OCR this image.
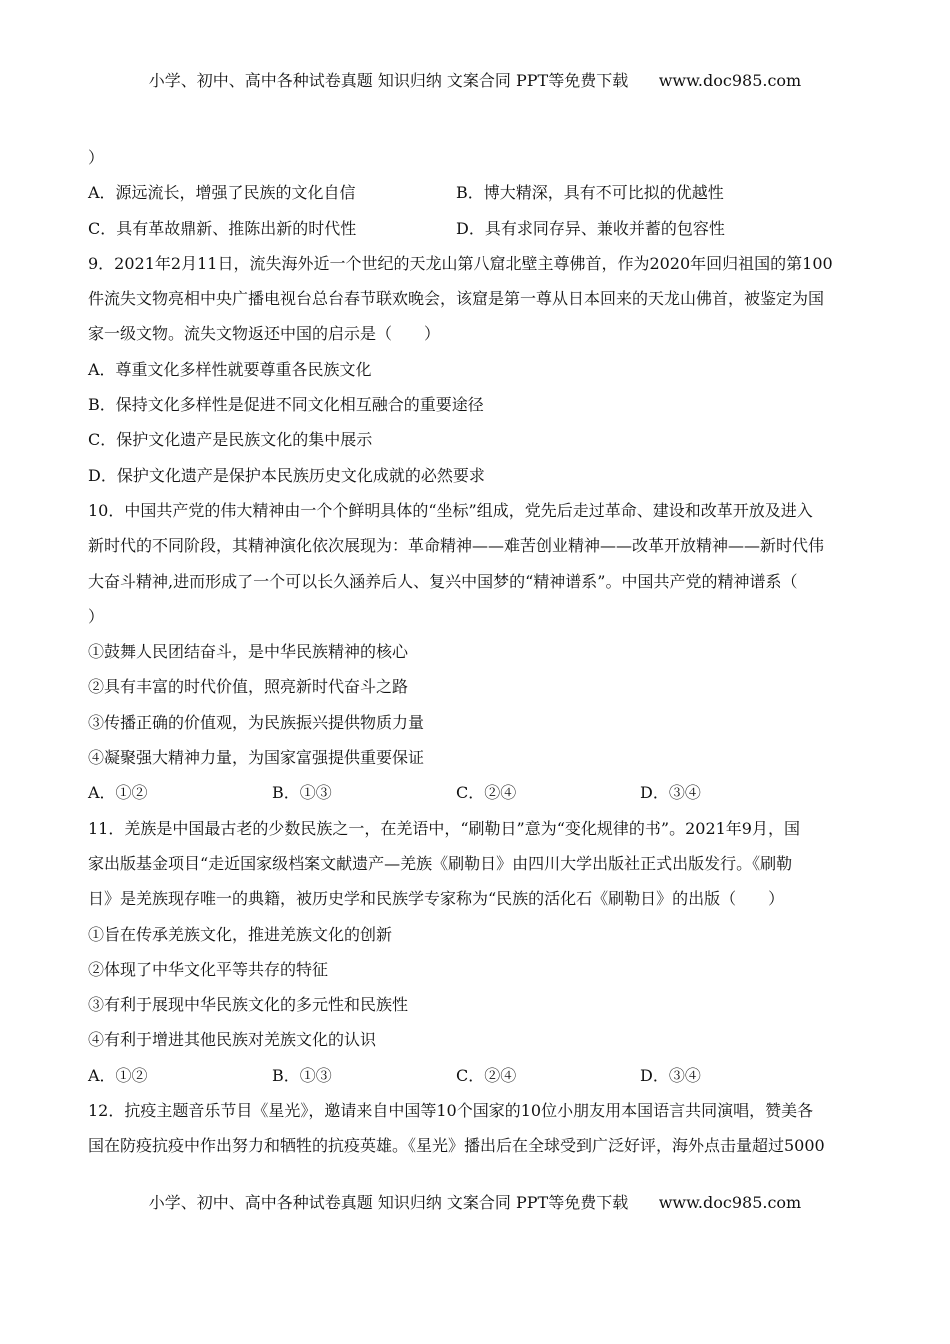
小学、初中、高中各种试卷真题 知识归纳 文案合同 PPT等免费下载      www.doc985.com
）
A．源远流长，增强了民族的文化自信	B．博大精深，具有不可比拟的优越性
C．具有革故鼎新、推陈出新的时代性	D．具有求同存异、兼收并蓄的包容性
9．2021年2月11日，流失海外近一个世纪的天龙山第八窟北壁主尊佛首，作为2020年回归祖国的第100
件流失文物亮相中央广播电视台总台春节联欢晚会，该窟是第一尊从日本回来的天龙山佛首，被鉴定为国
家一级文物。流失文物返还中国的启示是（　　）
A．尊重文化多样性就要尊重各民族文化
B．保持文化多样性是促进不同文化相互融合的重要途径
C．保护文化遗产是民族文化的集中展示
D．保护文化遗产是保护本民族历史文化成就的必然要求
10．中国共产党的伟大精神由一个个鲜明具体的“坐标”组成，党先后走过革命、建设和改革开放及进入
新时代的不同阶段，其精神演化依次展现为：革命精神——难苦创业精神——改革开放精神——新时代伟
大奋斗精神,进而形成了一个可以长久涵养后人、复兴中国梦的“精神谱系”。中国共产党的精神谱系（
）
①鼓舞人民团结奋斗，是中华民族精神的核心
②具有丰富的时代价值，照亮新时代奋斗之路
③传播正确的价值观，为民族振兴提供物质力量
④凝聚强大精神力量，为国家富强提供重要保证
A．①②	B．①③	C．②④	D．③④
11．羌族是中国最古老的少数民族之一，在羌语中，“刷勒日”意为“变化规律的书”。2021年9月，国
家出版基金项目“走近国家级档案文献遗产—羌族《刷勒日》由四川大学出版社正式出版发行。《刷勒
日》是羌族现存唯一的典籍，被历史学和民族学专家称为“民族的活化石《刷勒日》的出版（　　）
①旨在传承羌族文化，推进羌族文化的创新
②体现了中华文化平等共存的特征
③有利于展现中华民族文化的多元性和民族性
④有利于增进其他民族对羌族文化的认识
A．①②	B．①③	C．②④	D．③④
12．抗疫主题音乐节目《星光》，邀请来自中国等10个国家的10位小朋友用本国语言共同演唱，赞美各
国在防疫抗疫中作出努力和牺牲的抗疫英雄。《星光》播出后在全球受到广泛好评，海外点击量超过5000
小学、初中、高中各种试卷真题 知识归纳 文案合同 PPT等免费下载      www.doc985.com
